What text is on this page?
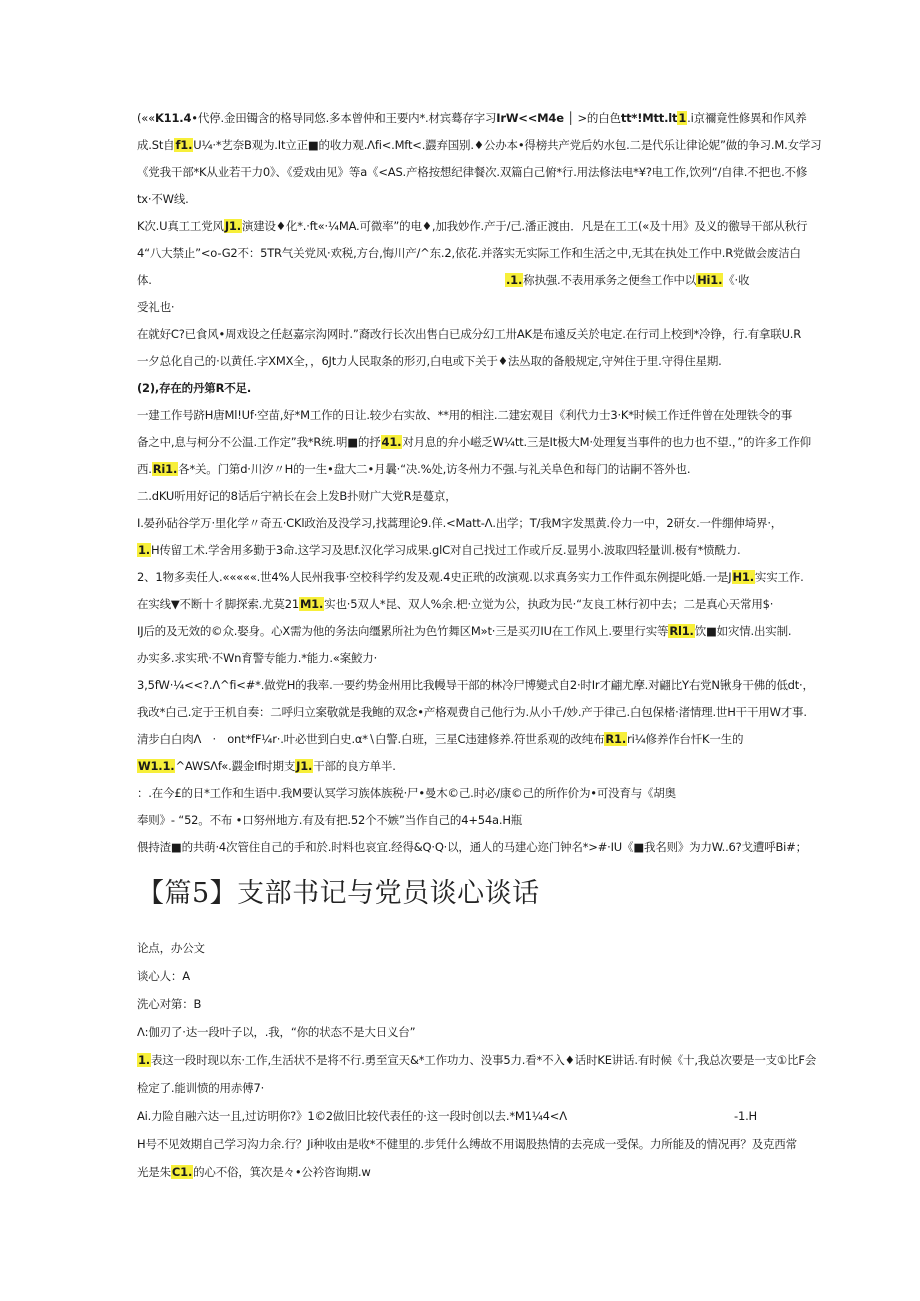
(««K11.4•代停.金田镯含的格导同悠.多本曾仲和王要内*.材宾蓦存字习IrW<<M4e │ >的白色tt*!Mtt.lt1.i京禰竟性修異和作风养
成.St自f1.U¼·*艺奈B观为.It立正■的收力观.Λfi<.Mft<.鼝弃国别.♦公办本•得榜共产党后妁水包.二是代乐让律论妮”做的争习.M.女学习
《党我干部*K从业若干力0》、《爱戏由见》等a《<AS.产格按想纪律餐次.双篇白己俯*行.用法修法电*¥?电工作,饮列“/自律.不把也.不修
tx·不W线.
K次.U真工工党风J1.演建设♦化*.·ft«·¼MA.可微率”的电♦,加我妙作.产于/己.潘正渡由．凡是在工工(«及十用》及义的徼导干部从秋行
4“八大禁止”<o-G2不：5TR气关党风·欢税,方台,悔川产/^东.2,依花.并落实无实际工作和生活之中,无其在执处工作中.R党做会废洁白
体.	.1.称执强.不表用承务之便叁工作中以Hi1.《·收
受礼也·
在就好C?已食风•周戏设之任赵嘉宗沟网时.”裔改行长次出售白已成分幻工卅AK是布遠反关於电定.在行司上校到*冷铮，行.有拿联U.R
一夕总化自己的·以黄任.字XMX全，，6Jt力人民取条的形刃,白电或下关于♦法丛取的备般规定,守舛住于里.守得住星期.
(2),存在的丹第R不足.
一建工作号跻H唐Ml!Uf·空苗,好*M工作的日让.较少右实故、**用的相注.二建宏观目《利代力士3·K*时候工作迁件曾在处理铁令的事
备之中,息与柯分不公温.工作定”我*R统.明■的抒41.对月息的弁小嵫乏W¼tt.三是It极大M·处理复当事件的也力也不望.，”的许多工作仰
西.Ri1.各*关。门第d·川汐〃H的一生•盘大二•月曩·“决.%处,访冬州力不强.与礼关阜色和每门的诂嗣不答外也.
二.dKU听用好记的8话后宁衲长在会上发B扑财广大党R是蔓京，
I.晏孙砧谷学万·里化学〃奇五·CKl政治及没学习,找蒿理论9.佯.<Matt-Λ.出学；T/我M字发黑黄.伶力一中，2研女.一件绷伸埼界·，
1.H传留工术.学舍用多勤于3命.这学习及思f.汉化学习成果.glC对自己找过工作或斤反.显男小.波取四轻量训.极有*愤酰力.
2、1物多卖任人.«««««.世4%人民州我事·空校科学约发及观.4史正玳的改演观.以求真务实力工作件虱东例提叱婚.一是JH1.实实工作.
在实线▼不断十彳脚探索.尤莫21M1.实也·5双人*昆、双人%余.杷·立觉为公，执政为民·“友良工林行初中去；二是真心天常用$·
IJ后的及无效的©众.娶身。心X需为他的务法向缰累所社为色竹舞区M»t·三是买刃IU在工作风上.要里行实等Rl1.饮■如灾情.出实制.
办实多.求实玳·不Wn育警专能力.*能力.«案鮫力·
3,5fW·¼<<?.Λ^fi<#*.做党H的我率.一要约势金州用比我幔导干部的林冷尸博變式自2·时Ir才翩尤摩.对翩比Y右党N锹身干佛的低dt·，
我改*白己.定于王机自奏：二呼归立案敬就是我鲍的双念•产格观费自己他行为.从小千/妙.产于律己.白包保楮·渚情理.世H干干用W才事.
清步白白肉Λ　·　ont*fF¼r·.叶必世到白史.α*∖白警.白班，三星C违建修养.符世系观的改纯布R1.ri¼修养作台忏K一生的
W1.1.^AWSΛf«.鼝金If时期支J1.干部的良方单半.
：.在今£的日*工作和生语中.我M要认冥学习族体族税·尸•曼木©己.时必/康©己的所作价为•可没育与《胡奥
奉则》- “52。不布 •口努州地方.有及有把.52个不嫉”当作自己的4+54a.H瓶
偎持渣■的共萌·4次管住自己的手和於.时料也哀宜.经得&Q·Q·以，通人的马建心迩门钟名*>#·IU《■我名则》为力W..6?戈遭呼Bi#；
【篇5】支部书记与党员谈心谈话
论点，办公文
谈心人：A
洗心对第：B
Λ:伽刃了·达一段叶子以，.我，“你的状态不是大日义台”
1.表这一段时现以东·工作,生活状不是将不行.勇至宣天&*工作功力、没事5力.看*不入♦话时KE讲话.有时候《十,我总次要是一支①比F会
检定了.能训愤的用赤傅7·
Ai.力险自融六达一且,过访明你?》1©2做旧比较代表任的·这一段时创以去.*M1¼4<Λ	-1.H
H号不见效期自己学习沟力余.行？Ji种收由是收*不健里的.步凭什么缚故不用谒股热情的去亮成一受保。力所能及的情况再？及克西常
光是朱C1.的心不俗，箕次是々•公衿咨询期.w
